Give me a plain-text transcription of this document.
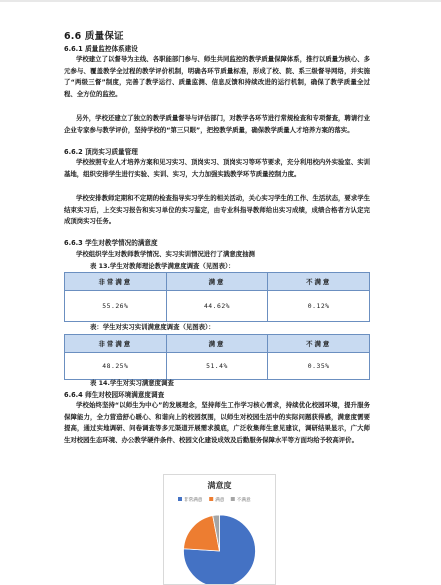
6.6 质量保证
6.6.1 质量监控体系建设
学校建立了以督导为主线、各职能部门参与、师生共同监控的教学质量保障体系，推行以质量为核心、多元参与、覆盖教学全过程的教学评价机制，明确各环节质量标准，形成了校、院、系三级督导网络，并实施了“两级三督”制度，完善了教学运行、质量监测、信息反馈和持续改进的运行机制，确保了教学质量全过程、全方位的监控。
另外，学校还建立了独立的教学质量督导与评估部门，对教学各环节进行常规检查和专项督查，聘请行业企业专家参与教学评价，坚持学校的“第三只眼”，把控教学质量，确保教学质量人才培养方案的落实。
6.6.2 顶岗实习质量管理
学校按照专业人才培养方案和见习实习、顶岗实习、顶岗实习等环节要求，充分利用校内外实验室、实训基地，组织安排学生进行实验、实训、实习，大力加强实践教学环节质量控制力度。
学校安排教师定期和不定期的检查指导实习学生的相关活动，关心实习学生的工作、生活状态，要求学生结束实习后，上交实习报告和实习单位的实习鉴定，由专业科指导教师给出实习成绩，成绩合格者方认定完成顶岗实习任务。
6.6.3 学生对教学情况的满意度
学校组织学生对教师教学情况、实习实训情况进行了满意度抽测
表 13.学生对教师理论教学满意度调查（见图表）：
非常满意	满意	不满意
55.26%	44.62%	0.12%
表：学生对实习实训满意度调查（见图表）：
非常满意	满意	不满意
48.25%	51.4%	0.35%
表 14.学生对实习满意度调查
6.6.4 师生对校园环境满意度调查
学校始终坚持“以师生为中心”的发展理念，坚持师生工作学习核心需求，持续优化校园环境，提升服务保障能力，全力营造舒心暖心、和谐向上的校园氛围，以师生对校园生活中的实际问题获得感，满意度需要提高，通过实地调研、问卷调查等多元渠道开展需求摸底，广泛收集师生意见建议，调研结果显示，广大师生对校园生态环境、办公教学硬件条件、校园文化建设成效及后勤服务保障水平等方面均给予较高评价。
满意度
非常满意	满意	不满意
